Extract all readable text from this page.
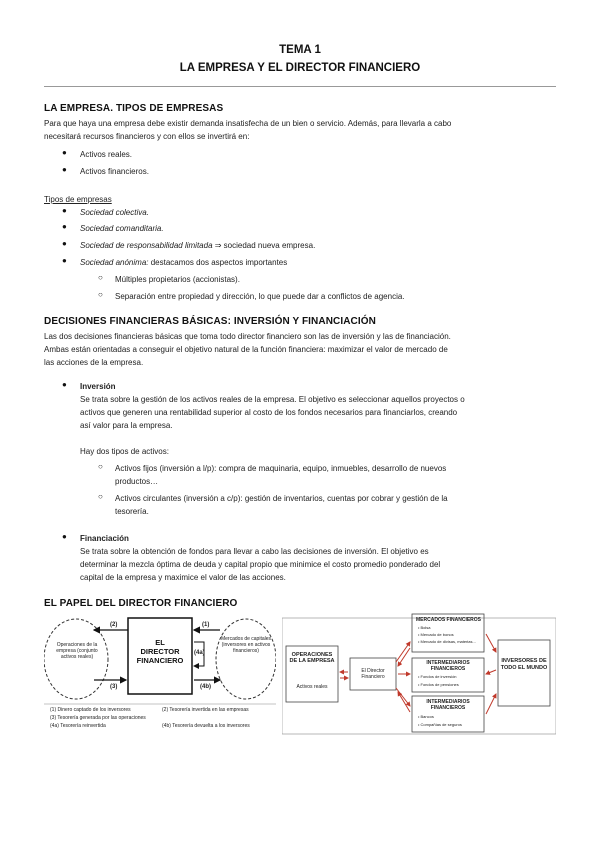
TEMA 1
LA EMPRESA Y EL DIRECTOR FINANCIERO
LA EMPRESA. TIPOS DE EMPRESAS
Para que haya una empresa debe existir demanda insatisfecha de un bien o servicio. Además, para llevarla a cabo
necesitará recursos financieros y con ellos se invertirá en:
● Activos reales.
● Activos financieros.
Tipos de empresas
● Sociedad colectiva.
● Sociedad comanditaria.
● Sociedad de responsabilidad limitada ⇒ sociedad nueva empresa.
● Sociedad anónima: destacamos dos aspectos importantes
○ Múltiples propietarios (accionistas).
○ Separación entre propiedad y dirección, lo que puede dar a conflictos de agencia.
DECISIONES FINANCIERAS BÁSICAS: INVERSIÓN Y FINANCIACIÓN
Las dos decisiones financieras básicas que toma todo director financiero son las de inversión y las de financiación.
Ambas están orientadas a conseguir el objetivo natural de la función financiera: maximizar el valor de mercado de
las acciones de la empresa.
● Inversión
Se trata sobre la gestión de los activos reales de la empresa. El objetivo es seleccionar aquellos proyectos o
activos que generen una rentabilidad superior al costo de los fondos necesarios para financiarlos, creando
así valor para la empresa.
Hay dos tipos de activos:
○ Activos fijos (inversión a l/p): compra de maquinaria, equipo, inmuebles, desarrollo de nuevos
productos…
○ Activos circulantes (inversión a c/p): gestión de inventarios, cuentas por cobrar y gestión de la
tesorería.
● Financiación
Se trata sobre la obtención de fondos para llevar a cabo las decisiones de inversión. El objetivo es
determinar la mezcla óptima de deuda y capital propio que minimice el costo promedio ponderado del
capital de la empresa y maximice el valor de las acciones.
EL PAPEL DEL DIRECTOR FINANCIERO
Operaciones de la empresa (conjunto activos reales)
Mercados de capitales (inversores en activos financieros)
EL
DIRECTOR
FINANCIERO
(2)	(1)
(3)
(4a)
(4b)
(1) Dinero captado de los inversores	(2) Tesorería invertida en las empresas
(3) Tesorería generada por las operaciones
(4a) Tesorería reinvertida	(4b) Tesorería devuelta a los inversores
OPERACIONES DE LA EMPRESA
Activos reales
El Director Financiero
MERCADOS FINANCIEROS
• Bolsa
• Mercado de bonos
• Mercado de divisas, materias...
INTERMEDIARIOS FINANCIEROS
• Fondos de inversión
• Fondos de pensiones
INTERMEDIARIOS FINANCIEROS
• Bancos
• Compañías de seguros
INVERSORES DE TODO EL MUNDO
